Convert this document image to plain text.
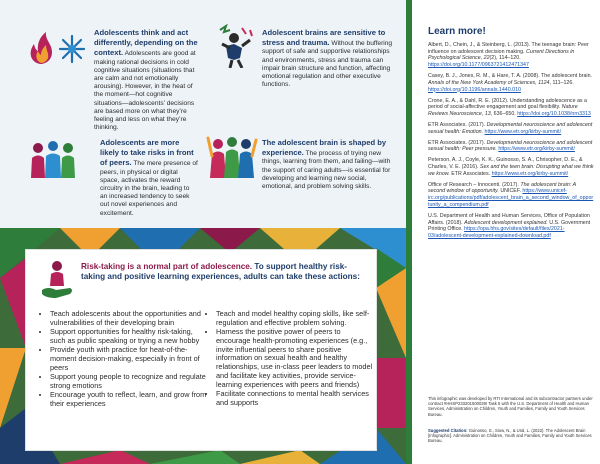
Adolescents think and act differently, depending on the context. Adolescents are good at making rational decisions in cold cognitive situations (situations that are calm and not emotionally arousing). However, in the heat of the moment—hot cognitive situations—adolescents’ decisions are based more on what they’re feeling and less on what they’re thinking.
Adolescent brains are sensitive to stress and trauma. Without the buffering support of safe and supportive relationships and environments, stress and trauma can impair brain structure and function, affecting emotional regulation and other executive functions.
Adolescents are more likely to take risks in front of peers. The mere presence of peers, in physical or digital space, activates the reward circuitry in the brain, leading to an increased tendency to seek out novel experiences and excitement.
The adolescent brain is shaped by experience. The process of trying new things, learning from them, and failing—with the support of caring adults—is essential for developing and learning new social, emotional, and problem solving skills.
Risk-taking is a normal part of adolescence. To support healthy risk-taking and positive learning experiences, adults can take these actions:
• Teach adolescents about the opportunities and vulnerabilities of their developing brain
• Support opportunities for healthy risk-taking, such as public speaking or trying a new hobby
• Provide youth with practice for heat-of-the-moment decision-making, especially in front of peers
• Support young people to recognize and regulate strong emotions
• Encourage youth to reflect, learn, and grow from their experiences
• Teach and model healthy coping skills, like self-regulation and effective problem solving.
• Harness the positive power of peers to encourage health-promoting experiences (e.g., invite influential peers to share positive information on sexual health and healthy relationships, use in-class peer leaders to model and facilitate key activities, provide service-learning experiences with peers and friends)
• Facilitate connections to mental health services and supports
Learn more!
Albert, D., Chein, J., & Steinberg, L. (2013). The teenage brain: Peer influence on adolescent decision making. Current Directions in Psychological Science, 22(2), 114–120. https://doi.org/10.1177/0963721412471347
Casey, B. J., Jones, R. M., & Hare, T. A. (2008). The adolescent brain. Annals of the New York Academy of Sciences, 1124, 111–126. https://doi.org/10.1196/annals.1440.010
Crone, E. A., & Dahl, R. E. (2012). Understanding adolescence as a period of social-affective engagement and goal flexibility. Nature Reviews Neuroscience, 13, 636–650. https://doi.org/10.1038/nrn3313
ETR Associates. (2017). Developmental neuroscience and adolescent sexual health: Emotion. https://www.etr.org/kirby-summit/
ETR Associates. (2017). Developmental neuroscience and adolescent sexual health: Peer pressure. https://www.etr.org/kirby-summit/
Peterson, A. J., Coyle, K. K., Guinosso, S. A., Chrisopher, D. E., & Charles, V. E. (2016). Sex and the teen brain: Disrupting what we think we know. ETR Associates. https://www.etr.org/kirby-summit/
Office of Research – Innocenti. (2017). The adolescent brain: A second window of opportunity. UNICEF. https://www.unicef-irc.org/publications/pdf/adolescent_brain_a_second_window_of_opportunity_a_compendium.pdf
U.S. Department of Health and Human Services, Office of Population Affairs. (2018). Adolescent development explained. U.S. Government Printing Office. https://opa.hhs.gov/sites/default/files/2021-03/adolescent-development-explained-download.pdf
This infographic was developed by RTI International and its subcontractor partners under contract #HHSP233201500039I Task 5 with the U.S. Department of Health and Human Services, Administration on Children, Youth and Families, Family and Youth Services Bureau.
Suggested Citation: Guinosso, S., Siow, N., & Ural, L. (2022). The Adolescent Brain [Infographic]. Administration on Children, Youth and Families, Family and Youth Services Bureau.
